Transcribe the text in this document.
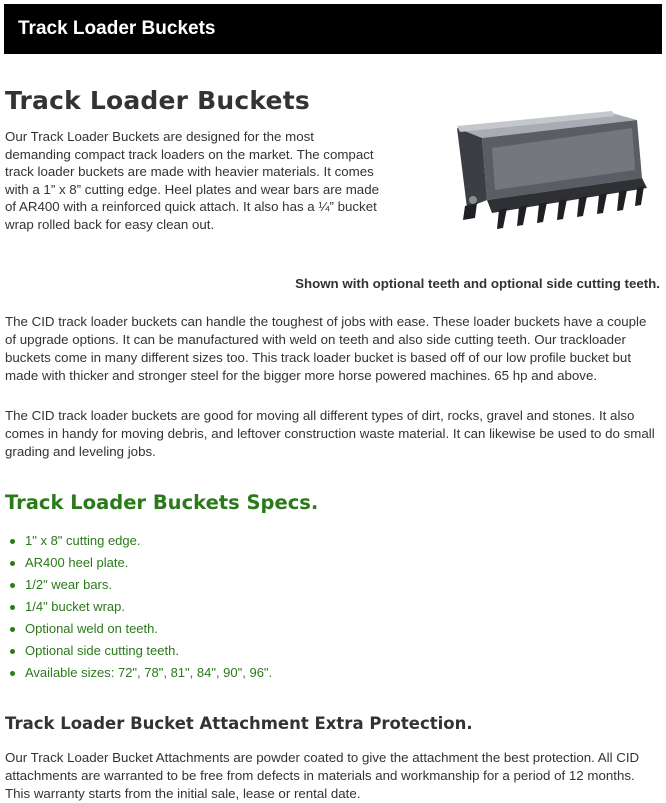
Track Loader Buckets
Track Loader Buckets

Our Track Loader Buckets are designed for the most demanding compact track loaders on the market. The compact track loader buckets are made with heavier materials. It comes with a 1” x 8” cutting edge. Heel plates and wear bars are made of AR400 with a reinforced quick attach. It also has a ¼” bucket wrap rolled back for easy clean out.

Shown with optional teeth and optional side cutting teeth.

The CID track loader buckets can handle the toughest of jobs with ease. These loader buckets have a couple of upgrade options. It can be manufactured with weld on teeth and also side cutting teeth. Our trackloader buckets come in many different sizes too. This track loader bucket is based off of our low profile bucket but made with thicker and stronger steel for the bigger more horse powered machines. 65 hp and above.

The CID track loader buckets are good for moving all different types of dirt, rocks, gravel and stones. It also comes in handy for moving debris, and leftover construction waste material. It can likewise be used to do small grading and leveling jobs.

Track Loader Buckets Specs.
1" x 8" cutting edge.
AR400 heel plate.
1/2" wear bars.
1/4" bucket wrap.
Optional weld on teeth.
Optional side cutting teeth.
Available sizes: 72", 78", 81", 84", 90", 96".
Track Loader Bucket Attachment Extra Protection.

Our Track Loader Bucket Attachments are powder coated to give the attachment the best protection. All CID attachments are warranted to be free from defects in materials and workmanship for a period of 12 months. This warranty starts from the initial sale, lease or rental date.
